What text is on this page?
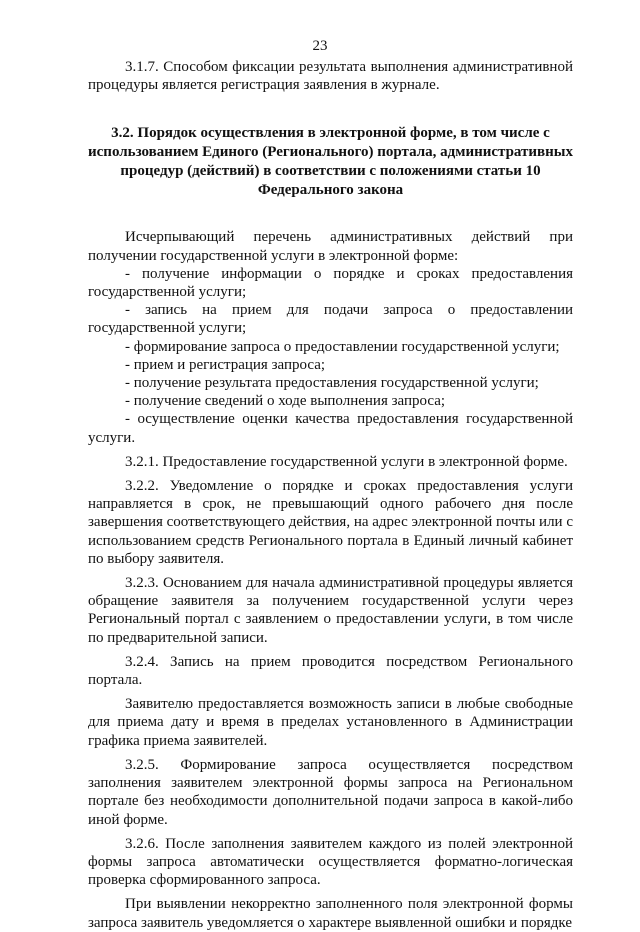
23

3.1.7. Способом фиксации результата выполнения административной процедуры является регистрация заявления в журнале.

3.2. Порядок осуществления в электронной форме, в том числе с использованием Единого (Регионального) портала, административных процедур (действий) в соответствии с положениями статьи 10 Федерального закона

Исчерпывающий перечень административных действий при получении государственной услуги в электронной форме:

- получение информации о порядке и сроках предоставления государственной услуги;

- запись на прием для подачи запроса о предоставлении государственной услуги;

- формирование запроса о предоставлении государственной услуги;

- прием и регистрация запроса;

- получение результата предоставления государственной услуги;

- получение сведений о ходе выполнения запроса;

- осуществление оценки качества предоставления государственной услуги.

3.2.1. Предоставление государственной услуги в электронной форме.

3.2.2. Уведомление о порядке и сроках предоставления услуги направляется в срок, не превышающий одного рабочего дня после завершения соответствующего действия, на адрес электронной почты или с использованием средств Регионального портала в Единый личный кабинет по выбору заявителя.

3.2.3. Основанием для начала административной процедуры является обращение заявителя за получением государственной услуги через Региональный портал с заявлением о предоставлении услуги, в том числе по предварительной записи.

3.2.4. Запись на прием проводится посредством Регионального портала.

Заявителю предоставляется возможность записи в любые свободные для приема дату и время в пределах установленного в Администрации графика приема заявителей.

3.2.5. Формирование запроса осуществляется посредством заполнения заявителем электронной формы запроса на Региональном портале без необходимости дополнительной подачи запроса в какой-либо иной форме.

3.2.6. После заполнения заявителем каждого из полей электронной формы запроса автоматически осуществляется форматно-логическая проверка сформированного запроса.

При выявлении некорректно заполненного поля электронной формы запроса заявитель уведомляется о характере выявленной ошибки и порядке
